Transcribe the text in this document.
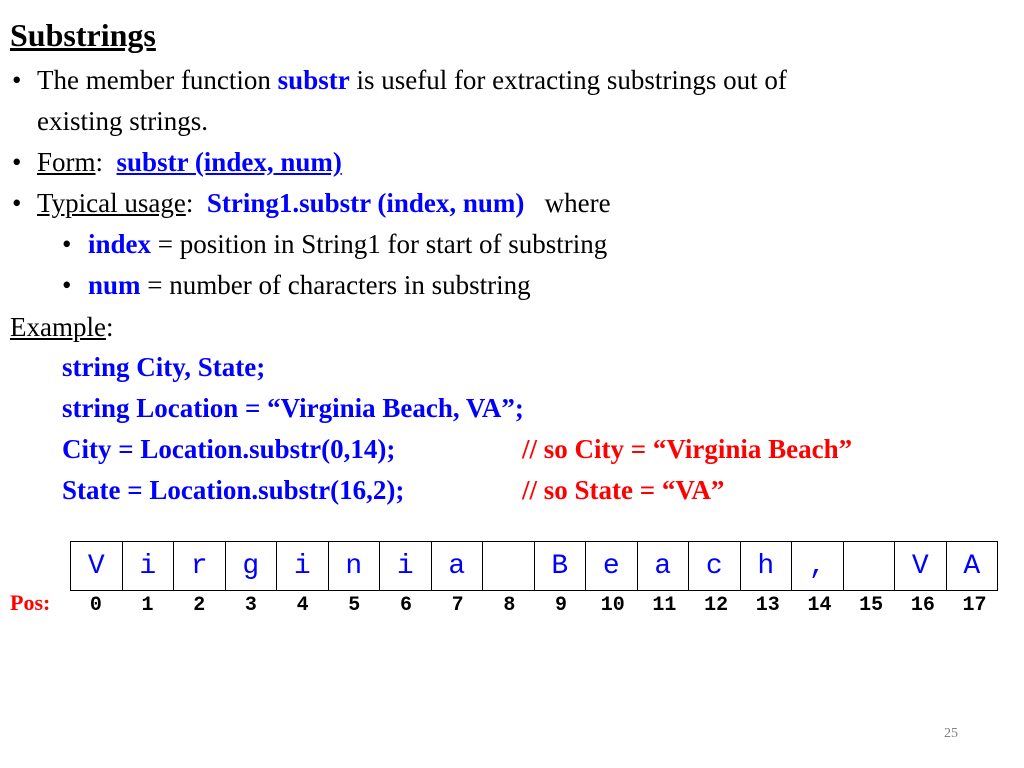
Substrings
• The member function substr is useful for extracting substrings out of
existing strings.
• Form: substr (index, num)
• Typical usage: String1.substr (index, num) where
• index = position in String1 for start of substring
• num = number of characters in substring
Example:
string City, State;
string Location = “Virginia Beach, VA”;
City = Location.substr(0,14);	// so City = “Virginia Beach”
State = Location.substr(16,2);	// so State = “VA”
V	i	r	g	i	n	i	a		B	e	a	c	h	,		V	A
Pos:	0	1	2	3	4	5	6	7	8	9	10	11	12	13	14	15	16	17
25
